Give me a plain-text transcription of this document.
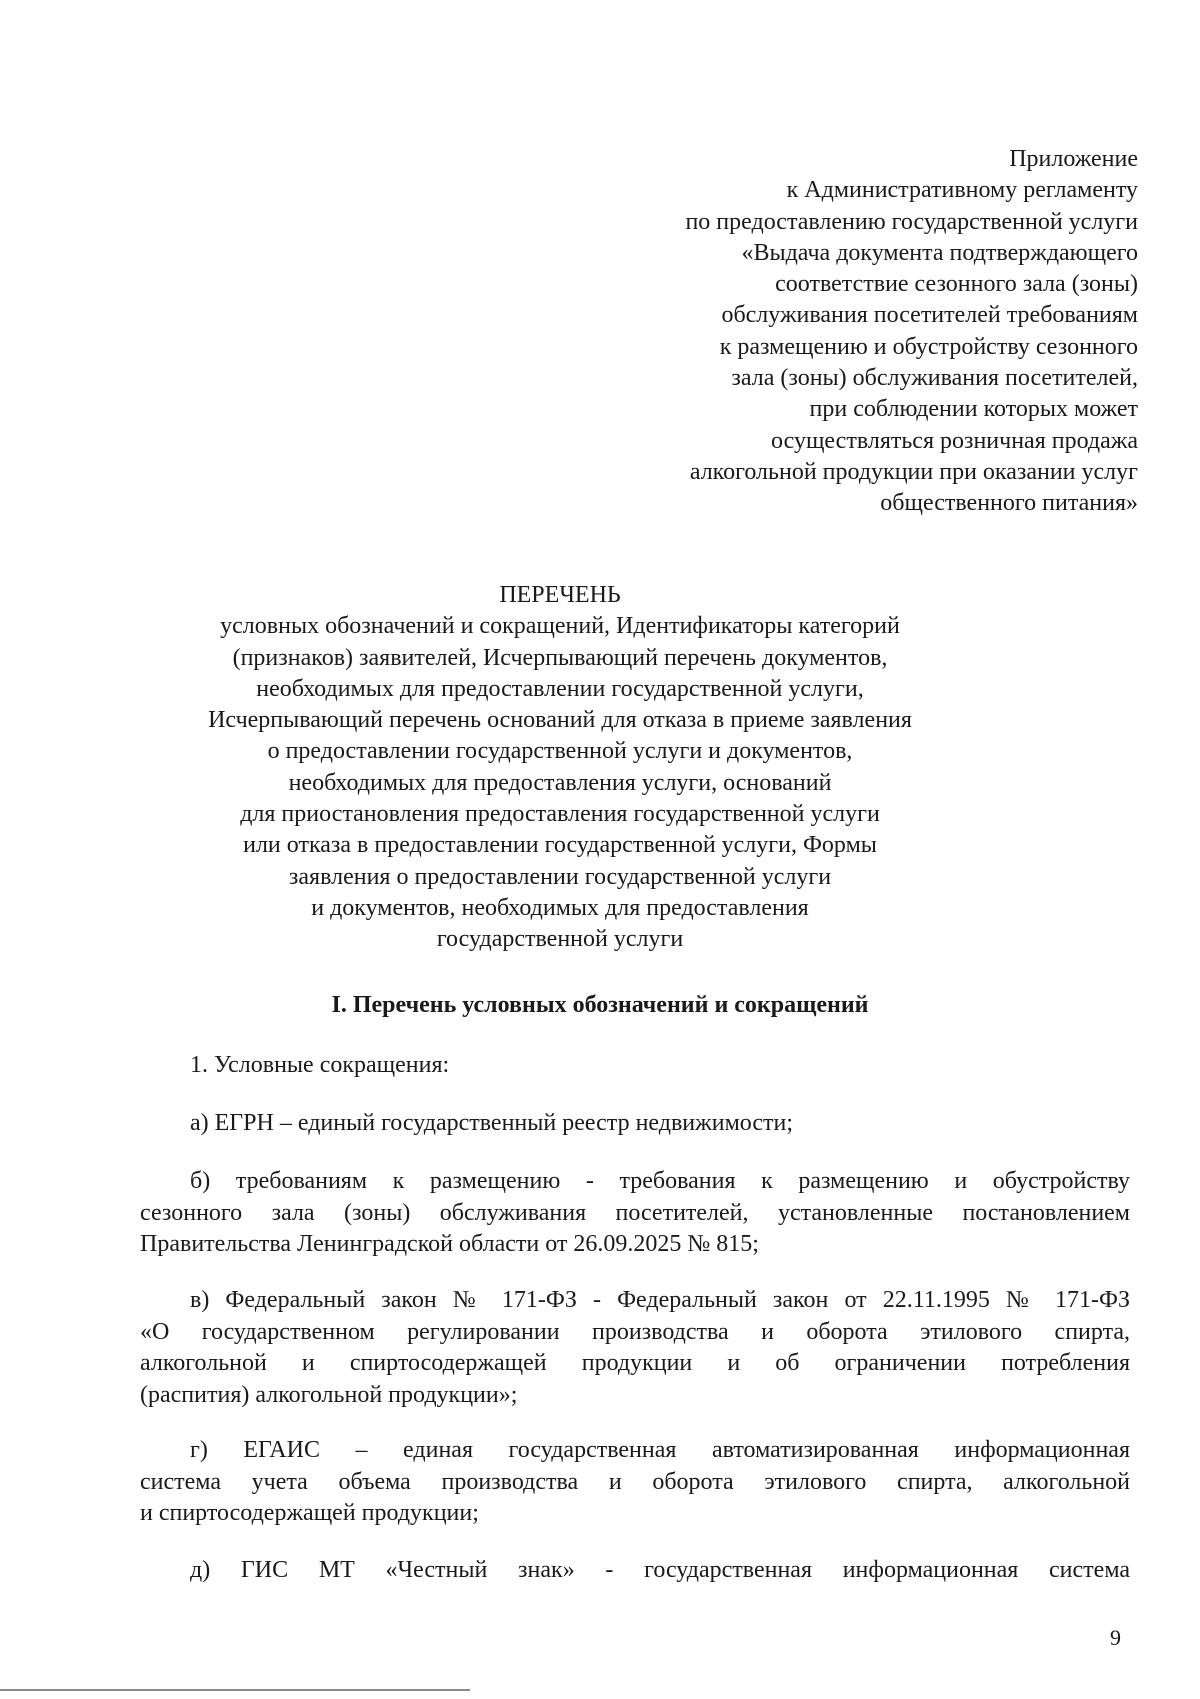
Приложение
к Административному регламенту
по предоставлению государственной услуги
«Выдача документа подтверждающего
соответствие сезонного зала (зоны)
обслуживания посетителей требованиям
к размещению и обустройству сезонного
зала (зоны) обслуживания посетителей,
при соблюдении которых может
осуществляться розничная продажа
алкогольной продукции при оказании услуг
общественного питания»
ПЕРЕЧЕНЬ
условных обозначений и сокращений, Идентификаторы категорий
(признаков) заявителей, Исчерпывающий перечень документов,
необходимых для предоставлении государственной услуги,
Исчерпывающий перечень оснований для отказа в приеме заявления
о предоставлении государственной услуги и документов,
необходимых для предоставления услуги, оснований
для приостановления предоставления государственной услуги
или отказа в предоставлении государственной услуги, Формы
заявления о предоставлении государственной услуги
и документов, необходимых для предоставления
государственной услуги
I. Перечень условных обозначений и сокращений
1. Условные сокращения:
а) ЕГРН – единый государственный реестр недвижимости;
б) требованиям к размещению - требования к размещению и обустройству
сезонного зала (зоны) обслуживания посетителей, установленные постановлением
Правительства Ленинградской области от 26.09.2025 № 815;
в) Федеральный закон № 171-ФЗ - Федеральный закон от 22.11.1995 № 171-ФЗ
«О государственном регулировании производства и оборота этилового спирта,
алкогольной и спиртосодержащей продукции и об ограничении потребления
(распития) алкогольной продукции»;
г) ЕГАИС – единая государственная автоматизированная информационная
система учета объема производства и оборота этилового спирта, алкогольной
и спиртосодержащей продукции;
д) ГИС МТ «Честный знак» - государственная информационная система
9
